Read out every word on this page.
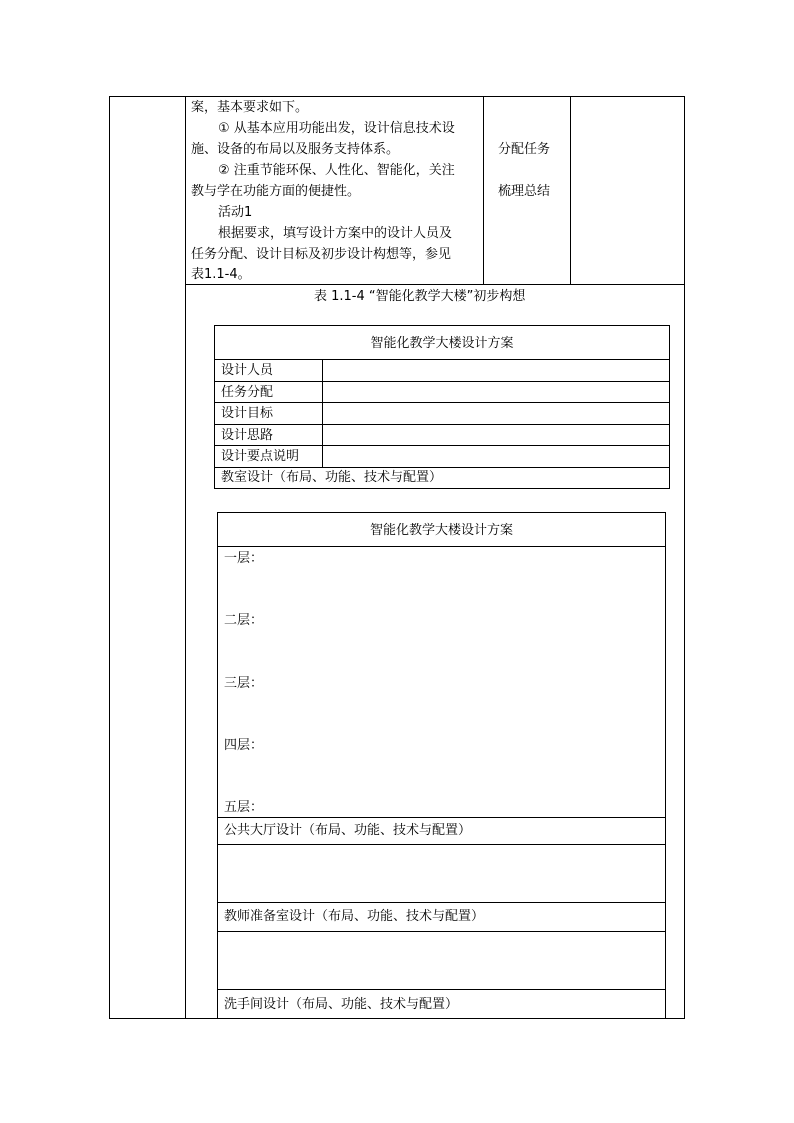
案，基本要求如下。
① 从基本应用功能出发，设计信息技术设
施、设备的布局以及服务支持体系。
② 注重节能环保、人性化、智能化，关注
教与学在功能方面的便捷性。
活动1
根据要求，填写设计方案中的设计人员及
任务分配、设计目标及初步设计构想等，参见
表1.1-4。
分配任务
梳理总结
表 1.1-4 “智能化教学大楼”初步构想
智能化教学大楼设计方案
设计人员
任务分配
设计目标
设计思路
设计要点说明
教室设计（布局、功能、技术与配置）
智能化教学大楼设计方案
一层：
二层：
三层：
四层：
五层：
公共大厅设计（布局、功能、技术与配置）
教师准备室设计（布局、功能、技术与配置）
洗手间设计（布局、功能、技术与配置）
